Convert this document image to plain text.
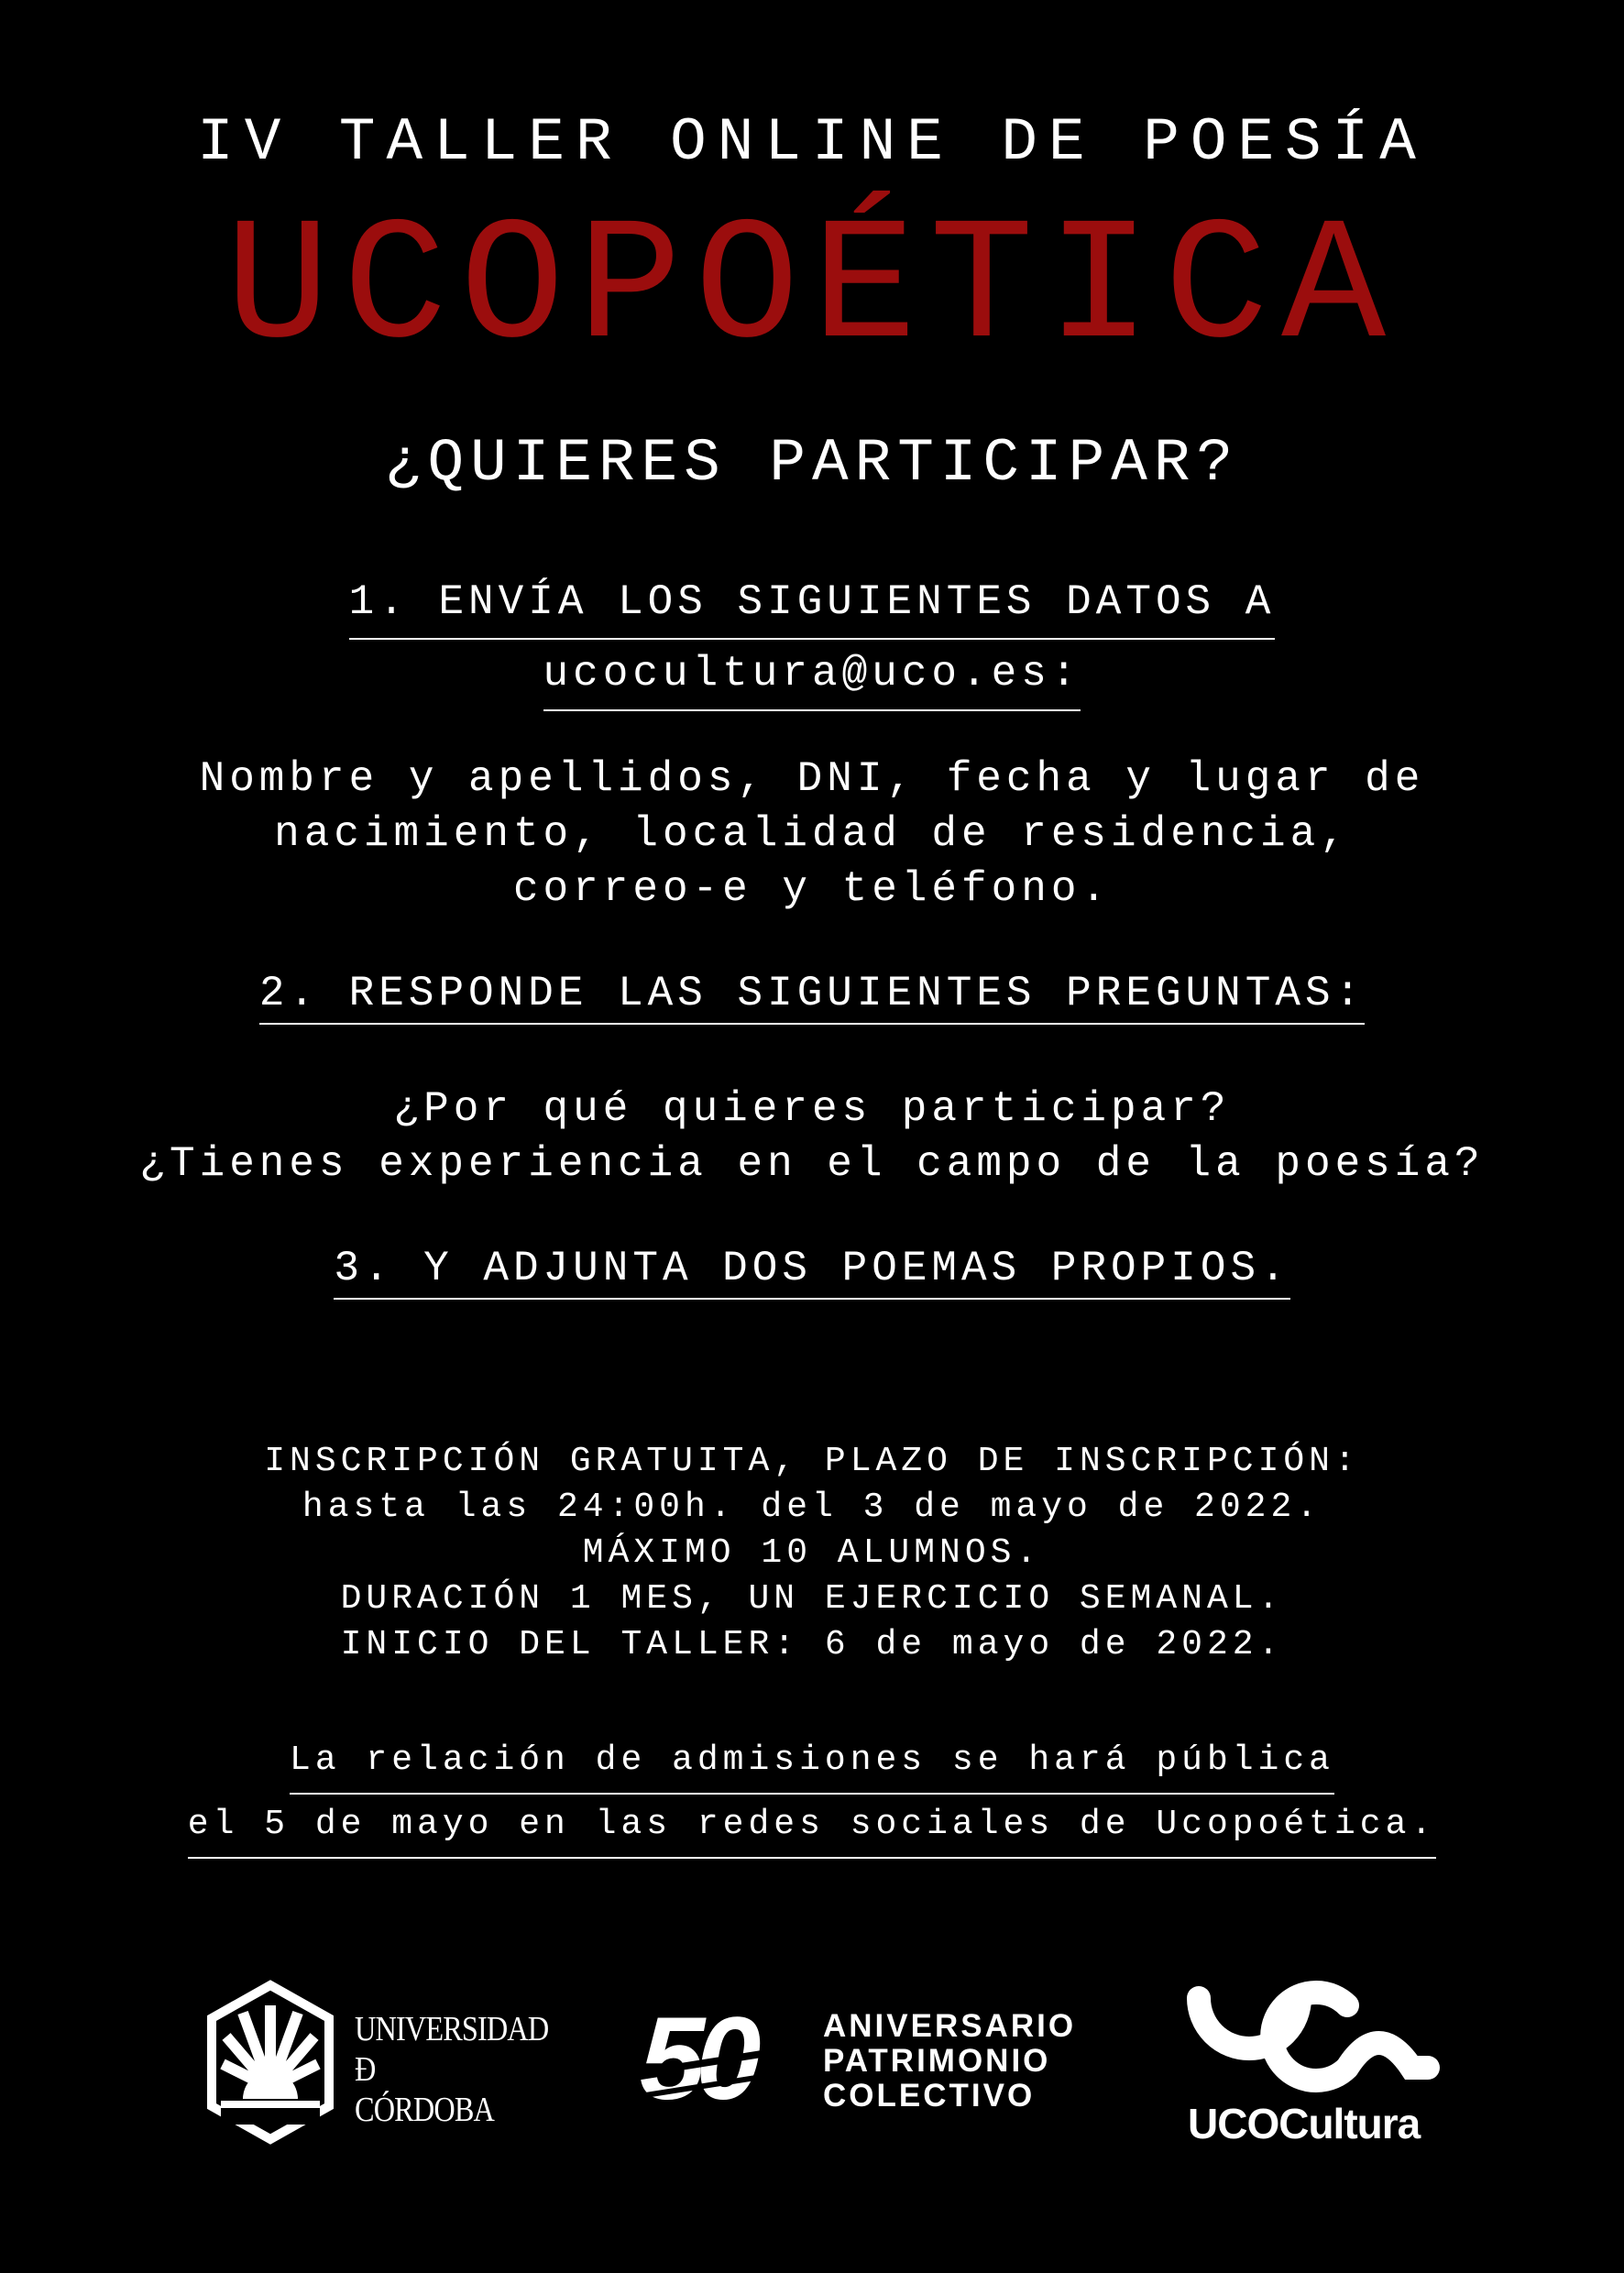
IV TALLER ONLINE DE POESÍA
UCOPOÉTICA
¿QUIERES PARTICIPAR?
1. ENVÍA LOS SIGUIENTES DATOS A
ucocultura@uco.es:
Nombre y apellidos, DNI, fecha y lugar de
nacimiento, localidad de residencia,
correo-e y teléfono.
2. RESPONDE LAS SIGUIENTES PREGUNTAS:
¿Por qué quieres participar?
¿Tienes experiencia en el campo de la poesía?
3. Y ADJUNTA DOS POEMAS PROPIOS.
INSCRIPCIÓN GRATUITA, PLAZO DE INSCRIPCIÓN:
hasta las 24:00h. del 3 de mayo de 2022.
MÁXIMO 10 ALUMNOS.
DURACIÓN 1 MES, UN EJERCICIO SEMANAL.
INICIO DEL TALLER: 6 de mayo de 2022.
La relación de admisiones se hará pública
el 5 de mayo en las redes sociales de Ucopoética.
UNIVERSIDAD
Ɖ
CÓRDOBA	50 ANIVERSARIO
PATRIMONIO
COLECTIVO
UCOCultura
